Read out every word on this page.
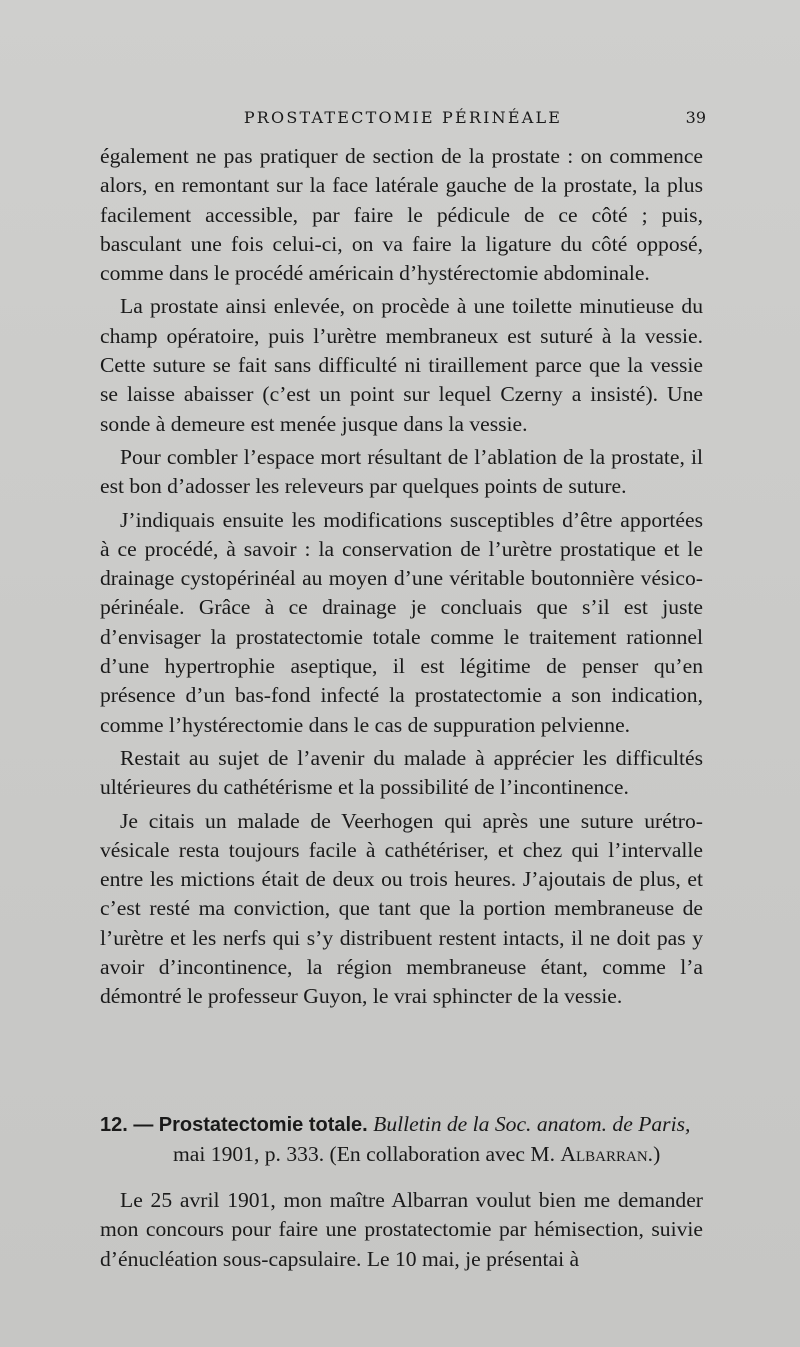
PROSTATECTOMIE PÉRINÉALE	39

également ne pas pratiquer de section de la prostate : on commence alors, en remontant sur la face latérale gauche de la prostate, la plus facilement accessible, par faire le pédicule de ce côté ; puis, basculant une fois celui-ci, on va faire la ligature du côté opposé, comme dans le procédé américain d’hystérectomie abdominale.

La prostate ainsi enlevée, on procède à une toilette minutieuse du champ opératoire, puis l’urètre membraneux est suturé à la vessie. Cette suture se fait sans difficulté ni tiraillement parce que la vessie se laisse abaisser (c’est un point sur lequel Czerny a insisté). Une sonde à demeure est menée jusque dans la vessie.

Pour combler l’espace mort résultant de l’ablation de la prostate, il est bon d’adosser les releveurs par quelques points de suture.

J’indiquais ensuite les modifications susceptibles d’être apportées à ce procédé, à savoir : la conservation de l’urètre prostatique et le drainage cystopérinéal au moyen d’une véritable boutonnière vésico-périnéale. Grâce à ce drainage je concluais que s’il est juste d’envisager la prostatectomie totale comme le traitement rationnel d’une hypertrophie aseptique, il est légitime de penser qu’en présence d’un bas-fond infecté la prostatectomie a son indication, comme l’hystérectomie dans le cas de suppuration pelvienne.

Restait au sujet de l’avenir du malade à apprécier les difficultés ultérieures du cathétérisme et la possibilité de l’incontinence.

Je citais un malade de Veerhogen qui après une suture urétro-vésicale resta toujours facile à cathétériser, et chez qui l’intervalle entre les mictions était de deux ou trois heures. J’ajoutais de plus, et c’est resté ma conviction, que tant que la portion membraneuse de l’urètre et les nerfs qui s’y distribuent restent intacts, il ne doit pas y avoir d’incontinence, la région membraneuse étant, comme l’a démontré le professeur Guyon, le vrai sphincter de la vessie.

12. — Prostatectomie totale. Bulletin de la Soc. anatom. de Paris,
mai 1901, p. 333. (En collaboration avec M. Albarran.)

Le 25 avril 1901, mon maître Albarran voulut bien me demander mon concours pour faire une prostatectomie par hémisection, suivie d’énucléation sous-capsulaire. Le 10 mai, je présentai à
